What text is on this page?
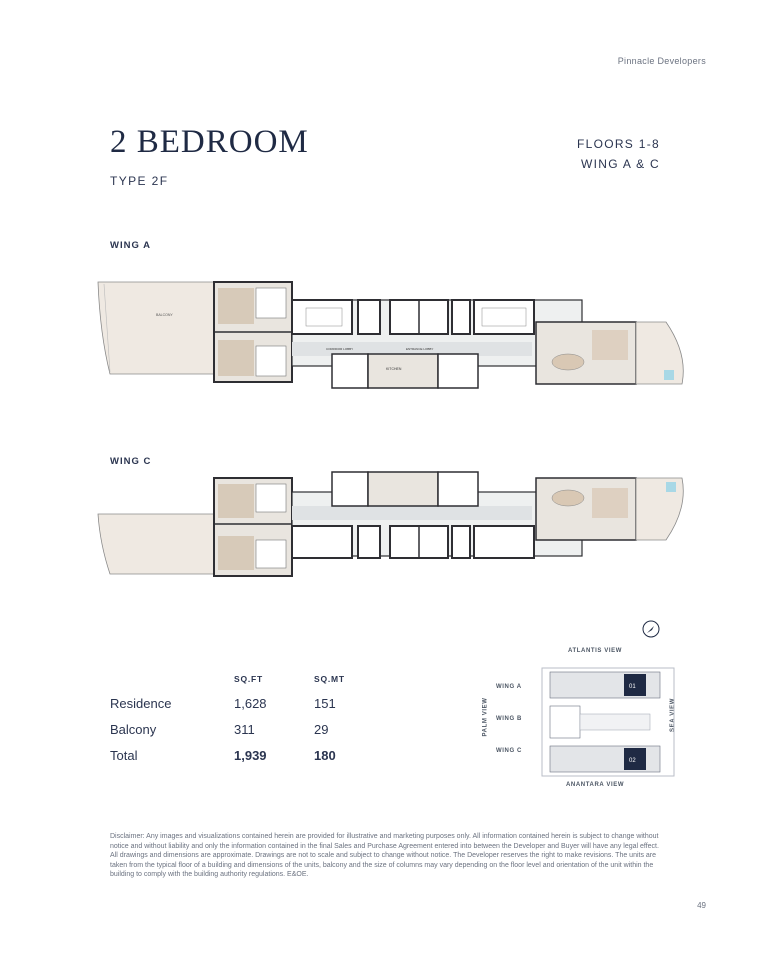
Pinnacle Developers
2 BEDROOM
TYPE 2F
FLOORS 1-8
WING A & C
WING A
BALCONY
KITCHEN
CORRIDOR LOBBY	ENTRANCE LOBBY
WING C
SQ.FT	SQ.MT
Residence	1,628	151
Balcony	311	29
Total	1,939	180
ATLANTIS VIEW
ANANTARA VIEW
PALM VIEW	SEA VIEW
WING A
WING B
WING C
01
02
Disclaimer: Any images and visualizations contained herein are provided for illustrative and marketing purposes only. All information contained herein is subject to change without notice and without liability and only the information contained in the final Sales and Purchase Agreement entered into between the Developer and Buyer will have any legal effect. All drawings and dimensions are approximate. Drawings are not to scale and subject to change without notice. The Developer reserves the right to make revisions. The units are taken from the typical floor of a building and dimensions of the units, balcony and the size of columns may vary depending on the floor level and orientation of the unit within the building to comply with the building authority regulations. E&OE.
49
